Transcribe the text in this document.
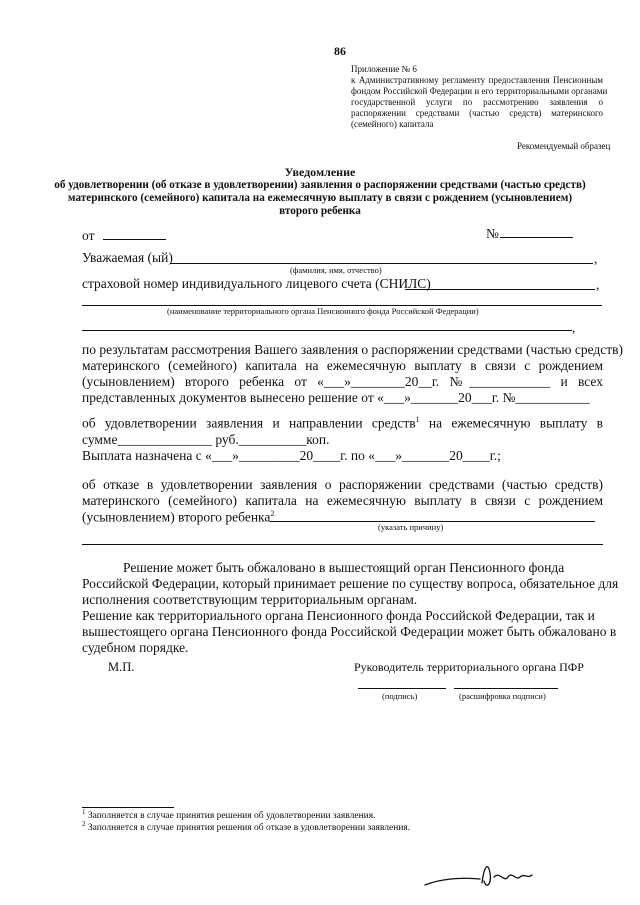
86
Приложение № 6
к Административному регламенту предоставления Пенсионным
фондом Российской Федерации и его территориальными органами
государственной услуги по рассмотрению заявления о
распоряжении средствами (частью средств) материнского
(семейного) капитала
Рекомендуемый образец
Уведомление
об удовлетворении (об отказе в удовлетворении) заявления о распоряжении средствами (частью средств)
материнского (семейного) капитала на ежемесячную выплату в связи с рождением (усыновлением)
второго ребенка
от	№
Уважаемая (ый)	,
(фамилия, имя, отчество)
страховой номер индивидуального лицевого счета (СНИЛС)	,
(наименование территориального органа Пенсионного фонда Российской Федерации)
,
по результатам рассмотрения Вашего заявления о распоряжении средствами (частью средств)
материнского (семейного) капитала на ежемесячную выплату в связи с рождением
(усыновлением) второго ребенка от «___»________20__г. №____________ и всех
представленных документов вынесено решение от «___»_______20___г. №___________
об удовлетворении заявления и направлении средств$^1$ на ежемесячную выплату в
сумме______________ руб.__________коп.
Выплата назначена с «___»_________20____г. по «___»_______20____г.;
об отказе в удовлетворении заявления о распоряжении средствами (частью средств)
материнского (семейного) капитала на ежемесячную выплату в связи с рождением
(усыновлением) второго ребенка$^2$
(указать причину)
Решение может быть обжаловано в вышестоящий орган Пенсионного фонда
Российской Федерации, который принимает решение по существу вопроса, обязательное для
исполнения соответствующим территориальным органам.
Решение как территориального органа Пенсионного фонда Российской Федерации, так и
вышестоящего органа Пенсионного фонда Российской Федерации может быть обжаловано в
судебном порядке.
М.П.	Руководитель территориального органа ПФР
(подпись)	(расшифровка подписи)
$^1$ Заполняется в случае принятия решения об удовлетворении заявления.
$^2$ Заполняется в случае принятия решения об отказе в удовлетворении заявления.
